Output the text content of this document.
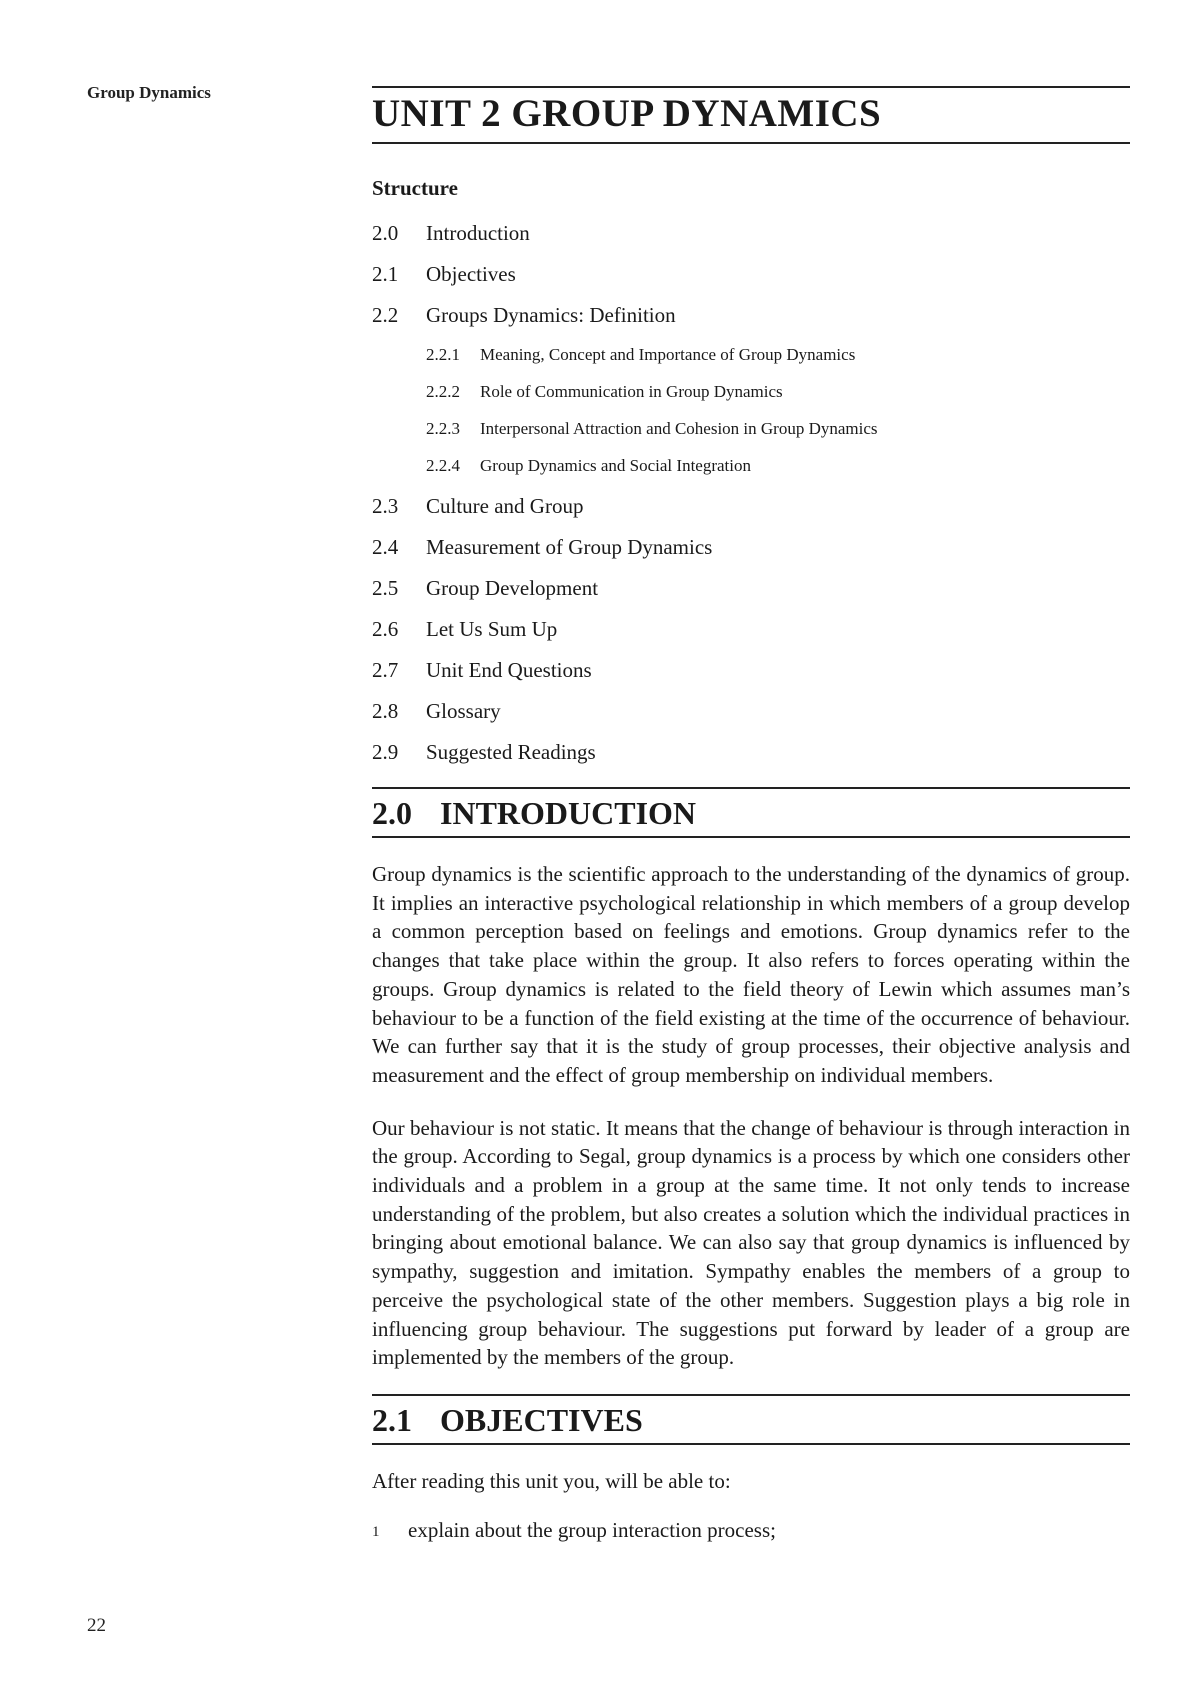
Group Dynamics
22
UNIT 2 GROUP DYNAMICS
Structure
2.0	Introduction
2.1	Objectives
2.2	Groups Dynamics: Definition
2.2.1	Meaning, Concept and Importance of Group Dynamics
2.2.2	Role of Communication in Group Dynamics
2.2.3	Interpersonal Attraction and Cohesion in Group Dynamics
2.2.4	Group Dynamics and Social Integration
2.3	Culture and Group
2.4	Measurement of Group Dynamics
2.5	Group Development
2.6	Let Us Sum Up
2.7	Unit End Questions
2.8	Glossary
2.9	Suggested Readings
2.0 INTRODUCTION

Group dynamics is the scientific approach to the understanding of the dynamics of group. It implies an interactive psychological relationship in which members of a group develop a common perception based on feelings and emotions. Group dynamics refer to the changes that take place within the group. It also refers to forces operating within the groups. Group dynamics is related to the field theory of Lewin which assumes man’s behaviour to be a function of the field existing at the time of the occurrence of behaviour. We can further say that it is the study of group processes, their objective analysis and measurement and the effect of group membership on individual members.

Our behaviour is not static. It means that the change of behaviour is through interaction in the group. According to Segal, group dynamics is a process by which one considers other individuals and a problem in a group at the same time. It not only tends to increase understanding of the problem, but also creates a solution which the individual practices in bringing about emotional balance. We can also say that group dynamics is influenced by sympathy, suggestion and imitation. Sympathy enables the members of a group to perceive the psychological state of the other members. Suggestion plays a big role in influencing group behaviour. The suggestions put forward by leader of a group are implemented by the members of the group.

2.1 OBJECTIVES

After reading this unit you, will be able to:

1	explain about the group interaction process;
